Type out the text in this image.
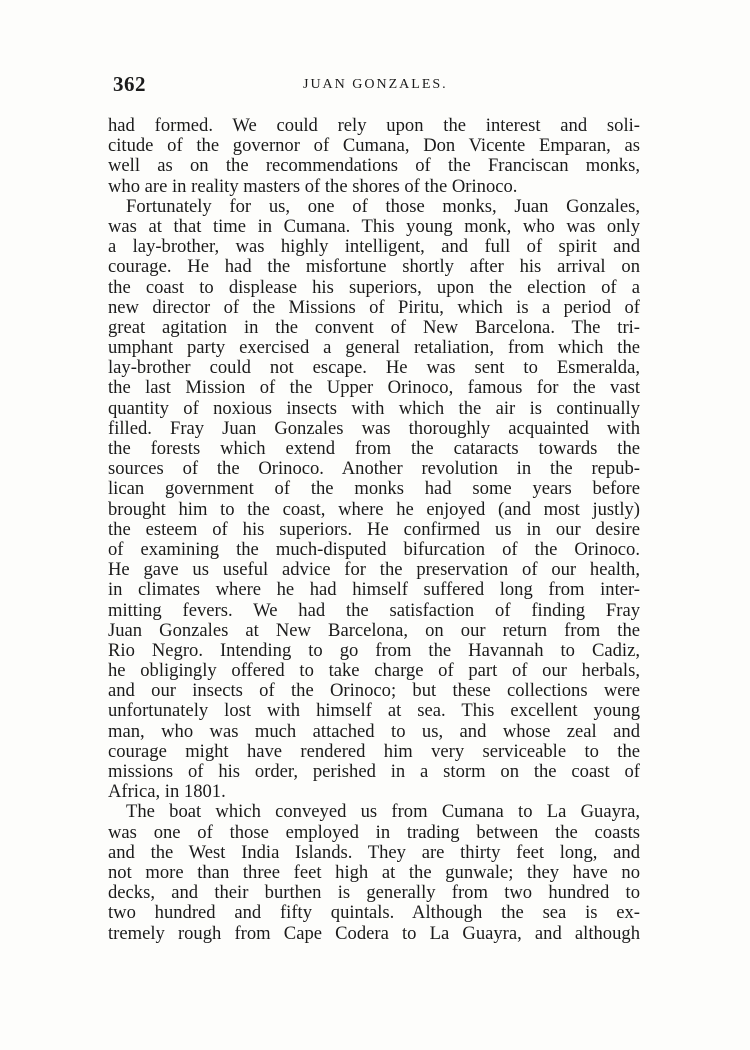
362	JUAN GONZALES.
had formed. We could rely upon the interest and soli-
citude of the governor of Cumana, Don Vicente Emparan, as
well as on the recommendations of the Franciscan monks,
who are in reality masters of the shores of the Orinoco.
Fortunately for us, one of those monks, Juan Gonzales,
was at that time in Cumana. This young monk, who was only
a lay-brother, was highly intelligent, and full of spirit and
courage. He had the misfortune shortly after his arrival on
the coast to displease his superiors, upon the election of a
new director of the Missions of Piritu, which is a period of
great agitation in the convent of New Barcelona. The tri-
umphant party exercised a general retaliation, from which the
lay-brother could not escape. He was sent to Esmeralda,
the last Mission of the Upper Orinoco, famous for the vast
quantity of noxious insects with which the air is continually
filled. Fray Juan Gonzales was thoroughly acquainted with
the forests which extend from the cataracts towards the
sources of the Orinoco. Another revolution in the repub-
lican government of the monks had some years before
brought him to the coast, where he enjoyed (and most justly)
the esteem of his superiors. He confirmed us in our desire
of examining the much-disputed bifurcation of the Orinoco.
He gave us useful advice for the preservation of our health,
in climates where he had himself suffered long from inter-
mitting fevers. We had the satisfaction of finding Fray
Juan Gonzales at New Barcelona, on our return from the
Rio Negro. Intending to go from the Havannah to Cadiz,
he obligingly offered to take charge of part of our herbals,
and our insects of the Orinoco; but these collections were
unfortunately lost with himself at sea. This excellent young
man, who was much attached to us, and whose zeal and
courage might have rendered him very serviceable to the
missions of his order, perished in a storm on the coast of
Africa, in 1801.
The boat which conveyed us from Cumana to La Guayra,
was one of those employed in trading between the coasts
and the West India Islands. They are thirty feet long, and
not more than three feet high at the gunwale; they have no
decks, and their burthen is generally from two hundred to
two hundred and fifty quintals. Although the sea is ex-
tremely rough from Cape Codera to La Guayra, and although
